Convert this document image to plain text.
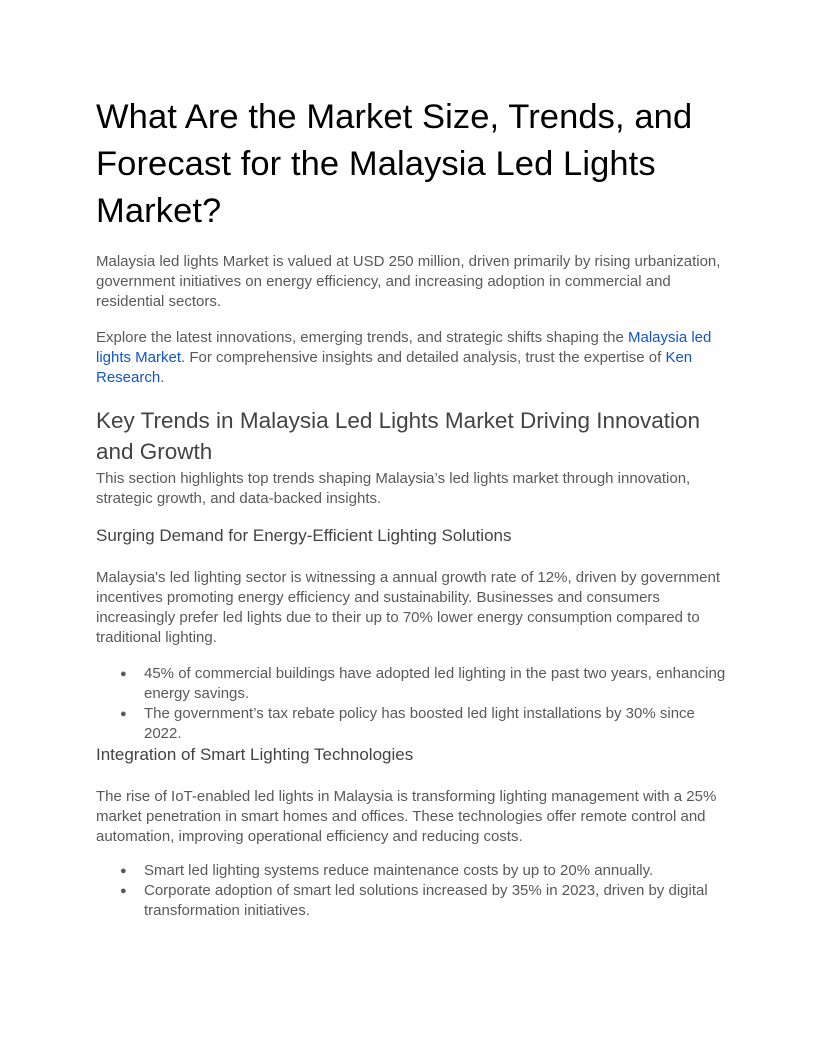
What Are the Market Size, Trends, and Forecast for the Malaysia Led Lights Market?

Malaysia led lights Market is valued at USD 250 million, driven primarily by rising urbanization, government initiatives on energy efficiency, and increasing adoption in commercial and residential sectors.

Explore the latest innovations, emerging trends, and strategic shifts shaping the Malaysia led lights Market. For comprehensive insights and detailed analysis, trust the expertise of Ken Research.

Key Trends in Malaysia Led Lights Market Driving Innovation and Growth

This section highlights top trends shaping Malaysia’s led lights market through innovation, strategic growth, and data-backed insights.

Surging Demand for Energy-Efficient Lighting Solutions

Malaysia's led lighting sector is witnessing a annual growth rate of 12%, driven by government incentives promoting energy efficiency and sustainability. Businesses and consumers increasingly prefer led lights due to their up to 70% lower energy consumption compared to traditional lighting.

● 45% of commercial buildings have adopted led lighting in the past two years, enhancing energy savings.
● The government’s tax rebate policy has boosted led light installations by 30% since 2022.
Integration of Smart Lighting Technologies

The rise of IoT-enabled led lights in Malaysia is transforming lighting management with a 25% market penetration in smart homes and offices. These technologies offer remote control and automation, improving operational efficiency and reducing costs.

● Smart led lighting systems reduce maintenance costs by up to 20% annually.
● Corporate adoption of smart led solutions increased by 35% in 2023, driven by digital transformation initiatives.
